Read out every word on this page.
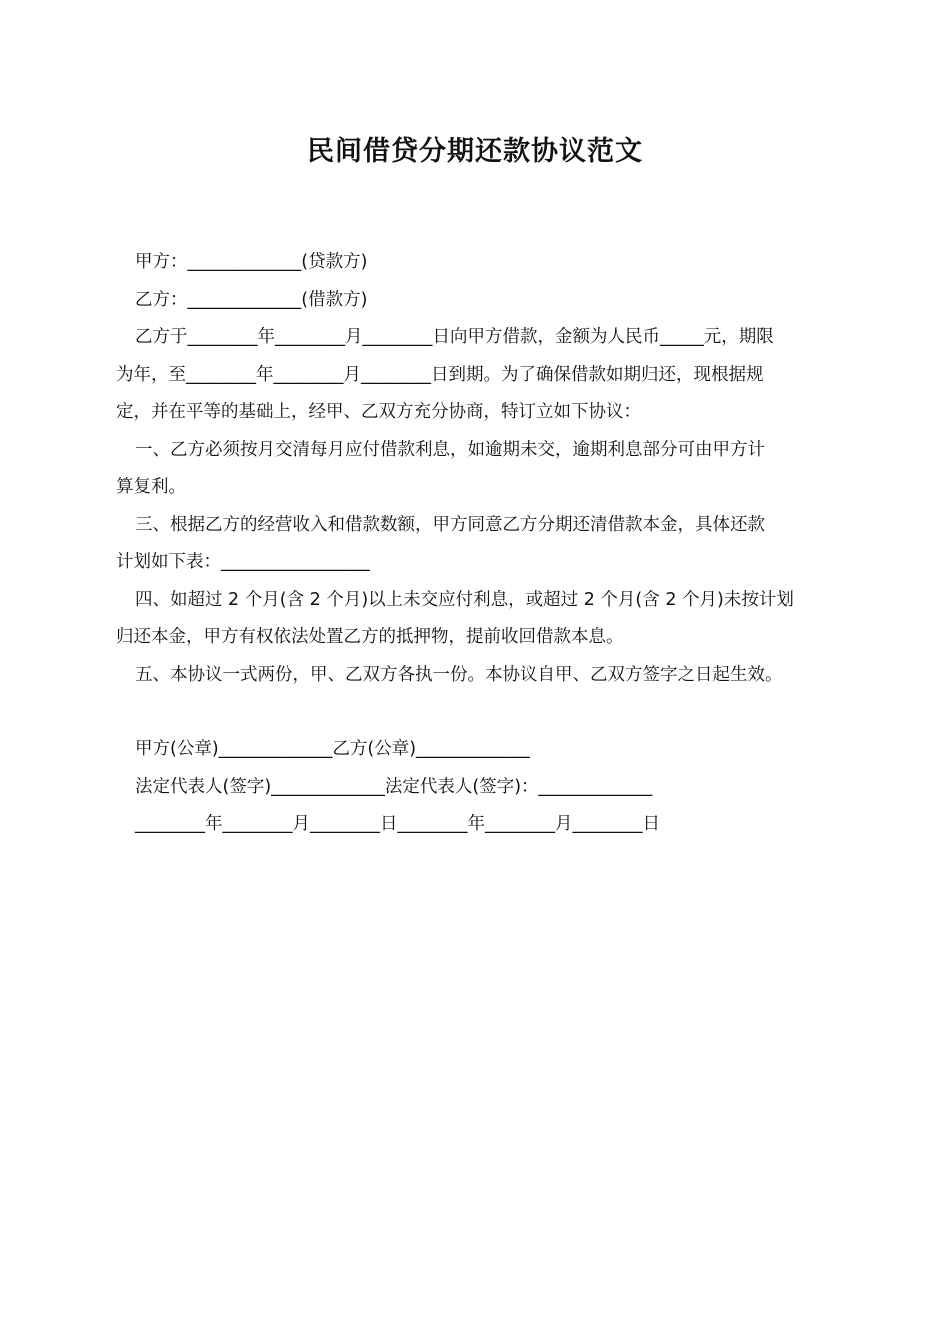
民间借贷分期还款协议范文
甲方：_____________(贷款方)
乙方：_____________(借款方)
乙方于________年________月________日向甲方借款，金额为人民币_____元，期限
为年，至________年________月________日到期。为了确保借款如期归还，现根据规
定，并在平等的基础上，经甲、乙双方充分协商，特订立如下协议：
一、乙方必须按月交清每月应付借款利息，如逾期未交，逾期利息部分可由甲方计
算复利。
三、根据乙方的经营收入和借款数额，甲方同意乙方分期还清借款本金，具体还款
计划如下表：_________________
四、如超过 2 个月(含 2 个月)以上未交应付利息，或超过 2 个月(含 2 个月)未按计划
归还本金，甲方有权依法处置乙方的抵押物，提前收回借款本息。
五、本协议一式两份，甲、乙双方各执一份。本协议自甲、乙双方签字之日起生效。
甲方(公章)_____________乙方(公章)_____________
法定代表人(签字)_____________法定代表人(签字)：_____________
________年________月________日________年________月________日
